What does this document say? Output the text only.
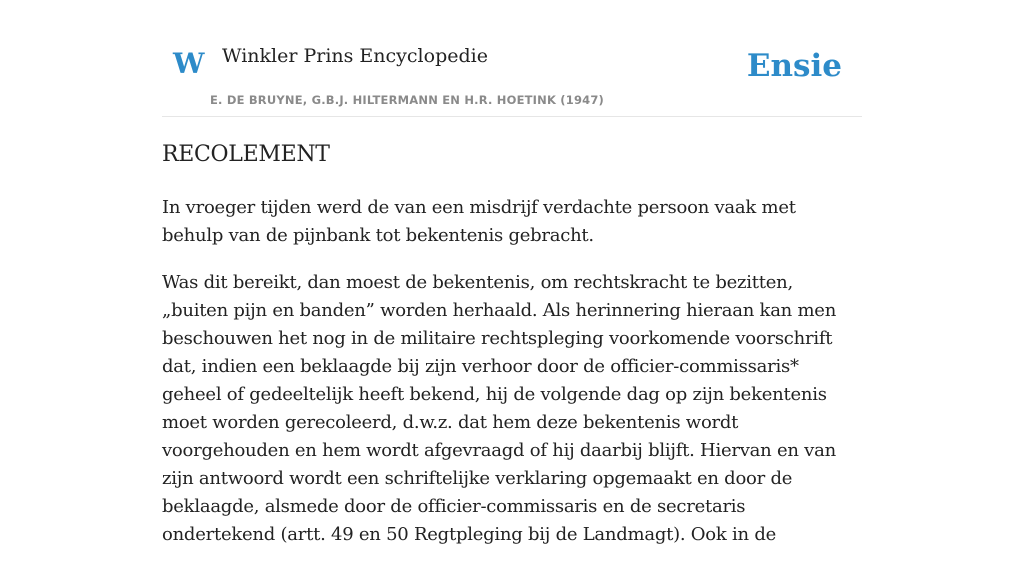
W Winkler Prins Encyclopedie
E. DE BRUYNE, G.B.J. HILTERMANN EN H.R. HOETINK (1947)
Ensie
RECOLEMENT

In vroeger tijden werd de van een misdrijf verdachte persoon vaak met behulp van de pijnbank tot bekentenis gebracht.

Was dit bereikt, dan moest de bekentenis, om rechtskracht te bezitten, „buiten pijn en banden” worden herhaald. Als herinnering hieraan kan men beschouwen het nog in de militaire rechtspleging voorkomende voorschrift dat, indien een beklaagde bij zijn verhoor door de officier-commissaris* geheel of gedeeltelijk heeft bekend, hij de volgende dag op zijn bekentenis moet worden gerecoleerd, d.w.z. dat hem deze bekentenis wordt voorgehouden en hem wordt afgevraagd of hij daarbij blijft. Hiervan en van zijn antwoord wordt een schriftelijke verklaring opgemaakt en door de beklaagde, alsmede door de officier-commissaris en de secretaris ondertekend (artt. 49 en 50 Regtpleging bij de Landmagt). Ook in de
